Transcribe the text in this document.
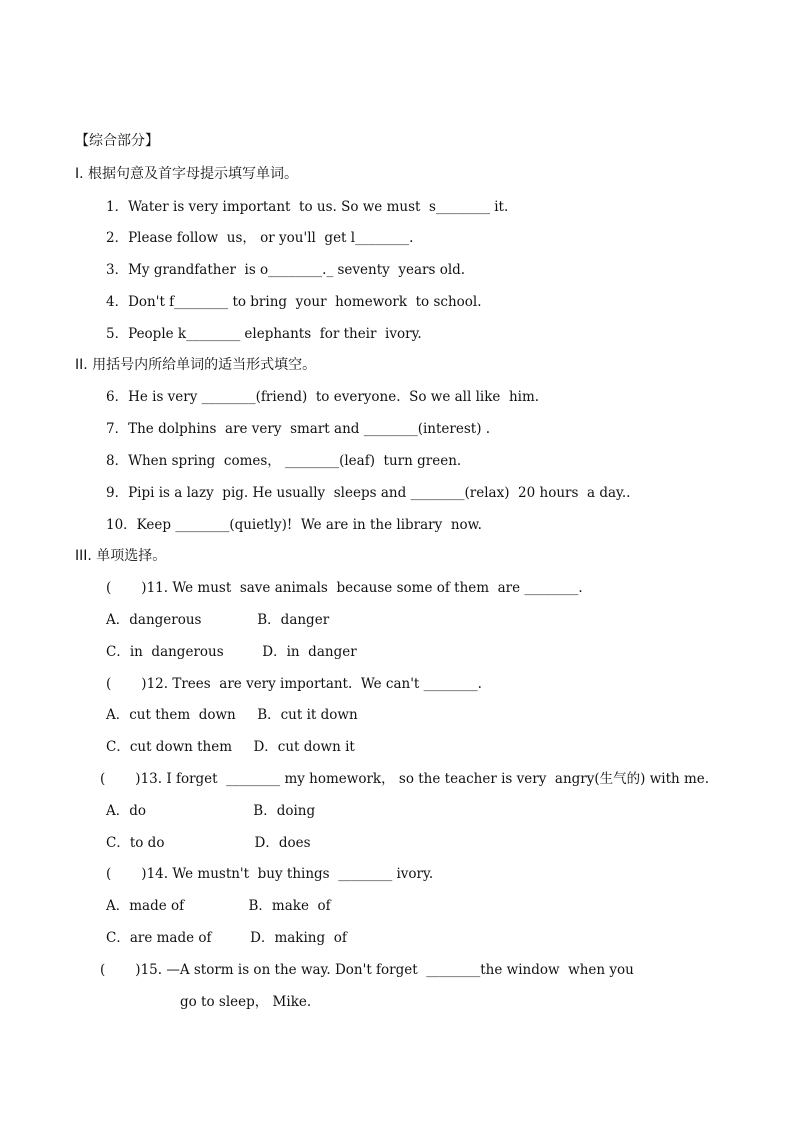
【综合部分】
Ⅰ. 根据句意及首字母提示填写单词。
1．Water is very important  to us. So we must  s________ it.
2．Please follow  us， or you'll  get l________.
3．My grandfather  is o________._ seventy  years old.
4．Don't f________ to bring  your  homework  to school.
5．People k________ elephants  for their  ivory.
II. 用括号内所给单词的适当形式填空。
6．He is very ________(friend)  to everyone.  So we all like  him.
7．The dolphins  are very  smart and ________(interest) .
8．When spring  comes， ________(leaf)  turn green.
9．Pipi is a lazy  pig. He usually  sleeps and ________(relax)  20 hours  a day..
10．Keep ________(quietly)!  We are in the library  now.
III. 单项选择。
(       )11. We must  save animals  because some of them  are ________.
A．dangerous             B．danger
C．in  dangerous         D．in  danger
(       )12. Trees  are very important.  We can't ________.
A．cut them  down     B．cut it down
C．cut down them     D．cut down it
(       )13. I forget  ________ my homework， so the teacher is very  angry(生气的) with me.
A．do                         B．doing
C．to do                     D．does
(       )14. We mustn't  buy things  ________ ivory.
A．made of               B．make  of
C．are made of         D．making  of
(       )15. —A storm is on the way. Don't forget  ________the window  when you
go to sleep， Mike.
